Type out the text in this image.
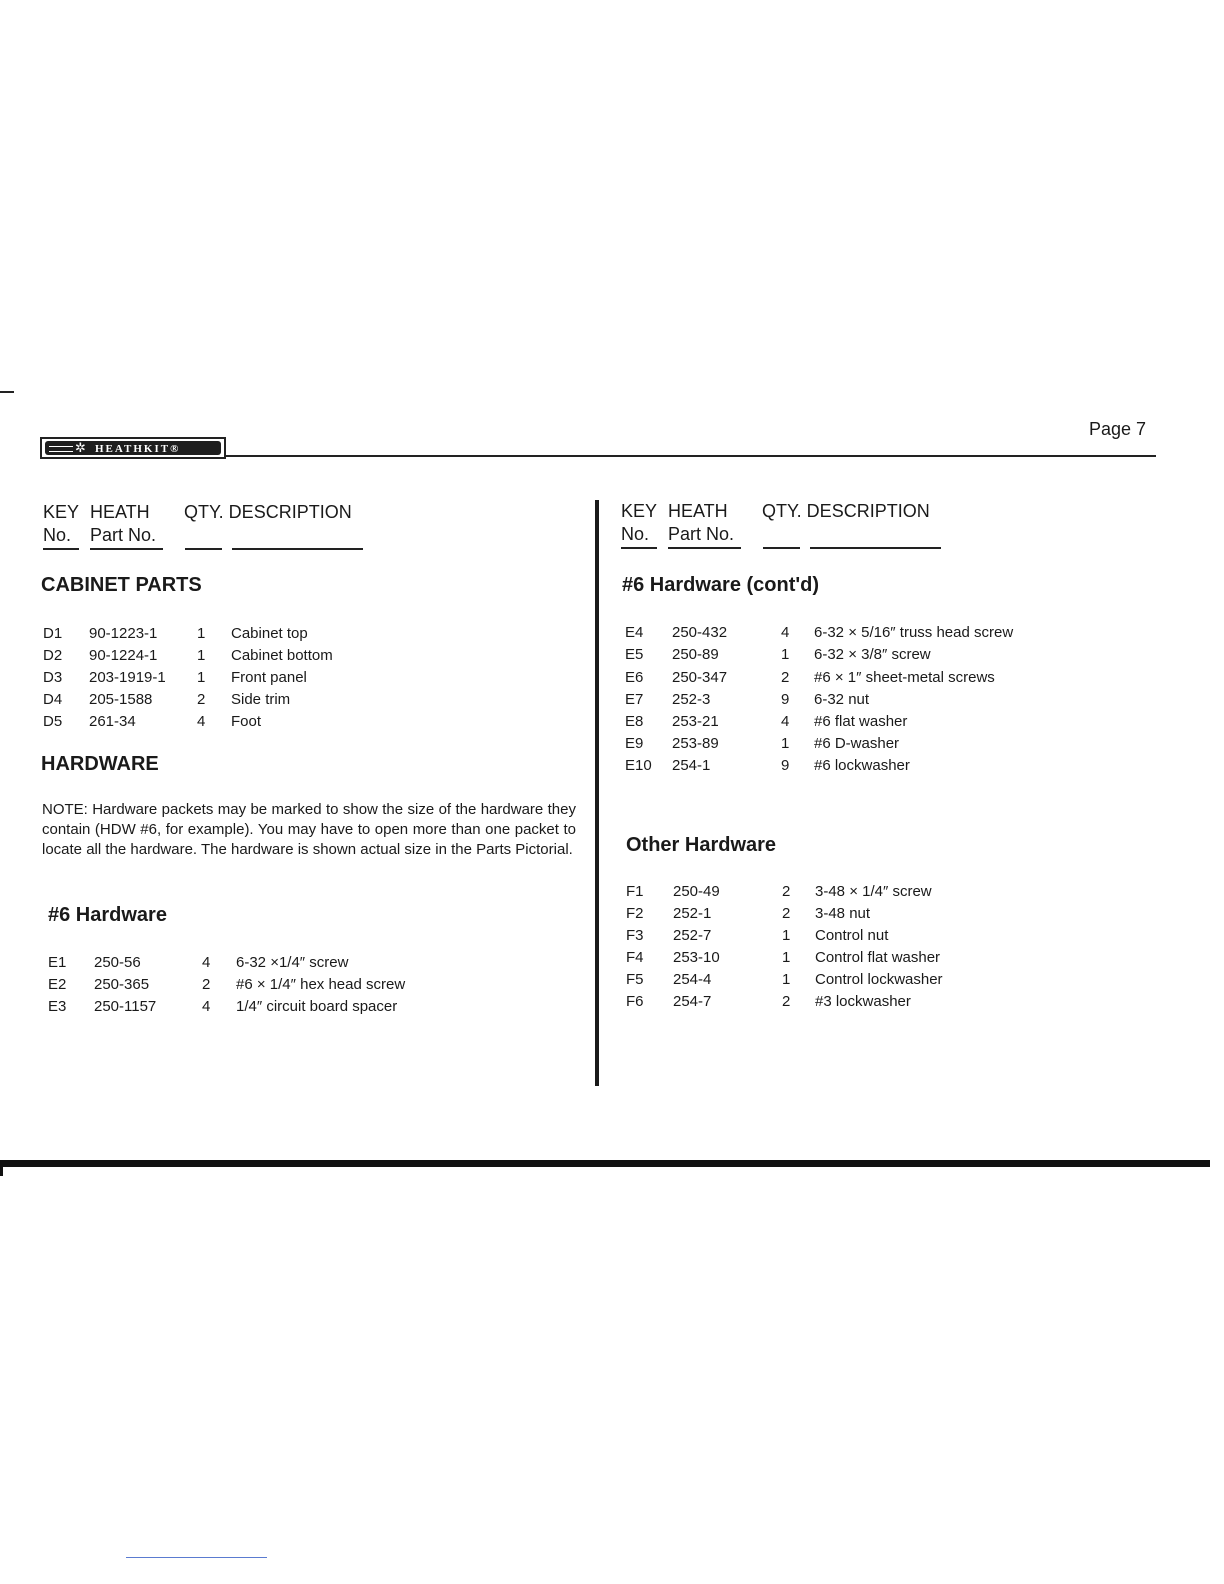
Page 7
✲ HEATHKIT®
KEY HEATH QTY. DESCRIPTION
No. Part No.
CABINET PARTS
D1 90-1223-1	1 Cabinet top
D2 90-1224-1	1 Cabinet bottom
D3 203-1919-1 1 Front panel
D4 205-1588	2 Side trim
D5 261-34	4 Foot
HARDWARE
NOTE: Hardware packets may be marked to show the size of the hardware they contain (HDW #6, for example). You may have to open more than one packet to locate all the hardware. The hardware is shown actual size in the Parts Pictorial.
#6 Hardware
E1 250-56	4 6-32 ×1/4″ screw
E2 250-365	2 #6 × 1/4″ hex head screw
E3 250-1157	4 1/4″ circuit board spacer
KEY HEATH QTY. DESCRIPTION
No. Part No.
#6 Hardware (cont'd)
E4 250-432	4 6-32 × 5/16″ truss head screw
E5 250-89	1 6-32 × 3/8″ screw
E6 250-347	2 #6 × 1″ sheet-metal screws
E7 252-3	9 6-32 nut
E8 253-21	4 #6 flat washer
E9 253-89	1 #6 D-washer
E10 254-1	9 #6 lockwasher
Other Hardware
F1 250-49	2 3-48 × 1/4″ screw
F2 252-1	2 3-48 nut
F3 252-7	1 Control nut
F4 253-10	1 Control flat washer
F5 254-4	1 Control lockwasher
F6 254-7	2 #3 lockwasher
